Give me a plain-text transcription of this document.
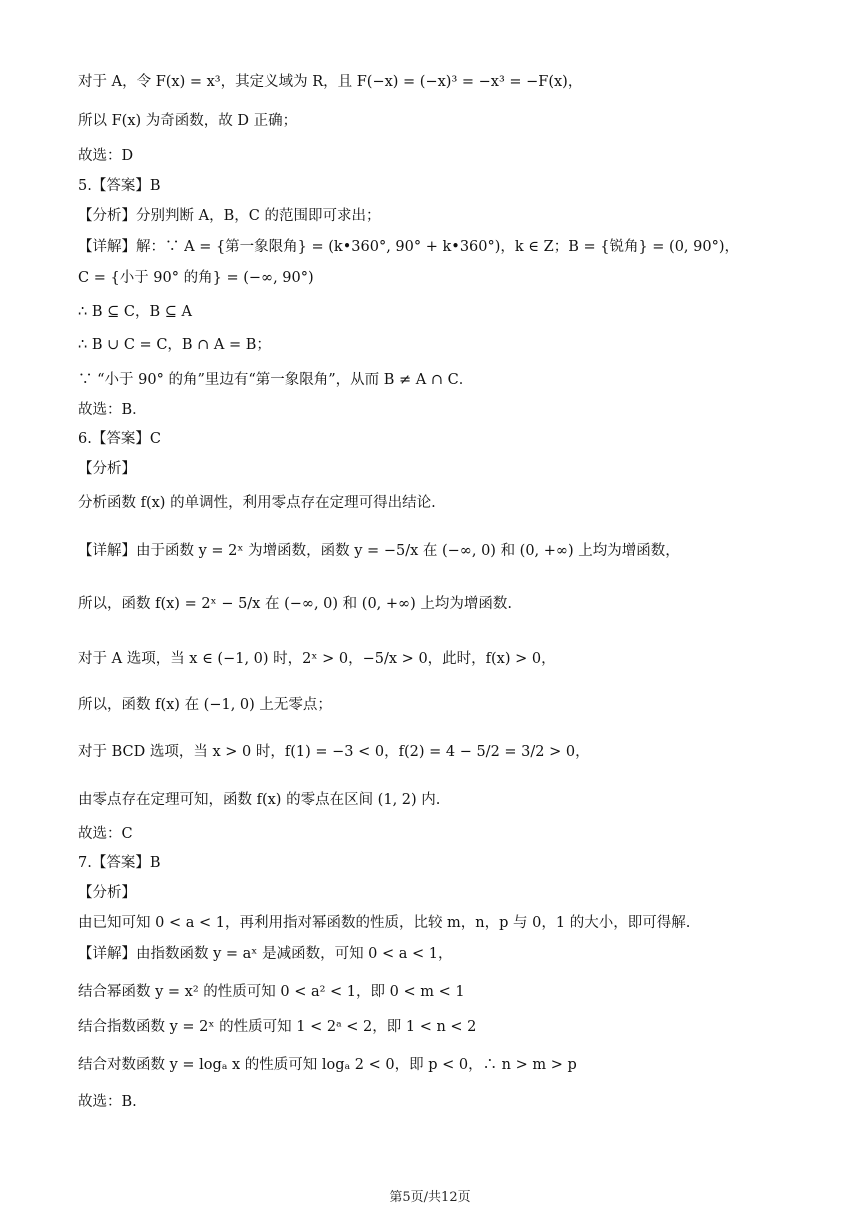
对于 A，令 F(x) = x³，其定义域为 R，且 F(−x) = (−x)³ = −x³ = −F(x)，
所以 F(x) 为奇函数，故 D 正确；
故选：D
5.【答案】B
【分析】分别判断 A，B，C 的范围即可求出；
【详解】解：∵ A = {第一象限角} = (k•360°, 90° + k•360°)，k ∈ Z；B = {锐角} = (0, 90°)，
C = {小于 90° 的角} = (−∞, 90°)
∴ B ⊆ C，B ⊆ A
∴ B ∪ C = C，B ∩ A = B；
∵ “小于 90° 的角”里边有“第一象限角”，从而 B ≠ A ∩ C．
故选：B．
6.【答案】C
【分析】
分析函数 f(x) 的单调性，利用零点存在定理可得出结论.
【详解】由于函数 y = 2ˣ 为增函数，函数 y = −5/x 在 (−∞, 0) 和 (0, +∞) 上均为增函数，
所以，函数 f(x) = 2ˣ − 5/x 在 (−∞, 0) 和 (0, +∞) 上均为增函数.
对于 A 选项，当 x ∈ (−1, 0) 时，2ˣ > 0，−5/x > 0，此时，f(x) > 0，
所以，函数 f(x) 在 (−1, 0) 上无零点；
对于 BCD 选项，当 x > 0 时，f(1) = −3 < 0，f(2) = 4 − 5/2 = 3/2 > 0，
由零点存在定理可知，函数 f(x) 的零点在区间 (1, 2) 内.
故选：C
7.【答案】B
【分析】
由已知可知 0 < a < 1，再利用指对幂函数的性质，比较 m，n，p 与 0，1 的大小，即可得解.
【详解】由指数函数 y = aˣ 是减函数，可知 0 < a < 1，
结合幂函数 y = x² 的性质可知 0 < a² < 1，即 0 < m < 1
结合指数函数 y = 2ˣ 的性质可知 1 < 2ᵃ < 2，即 1 < n < 2
结合对数函数 y = logₐ x 的性质可知 logₐ 2 < 0，即 p < 0，∴ n > m > p
故选：B.
第5页/共12页
